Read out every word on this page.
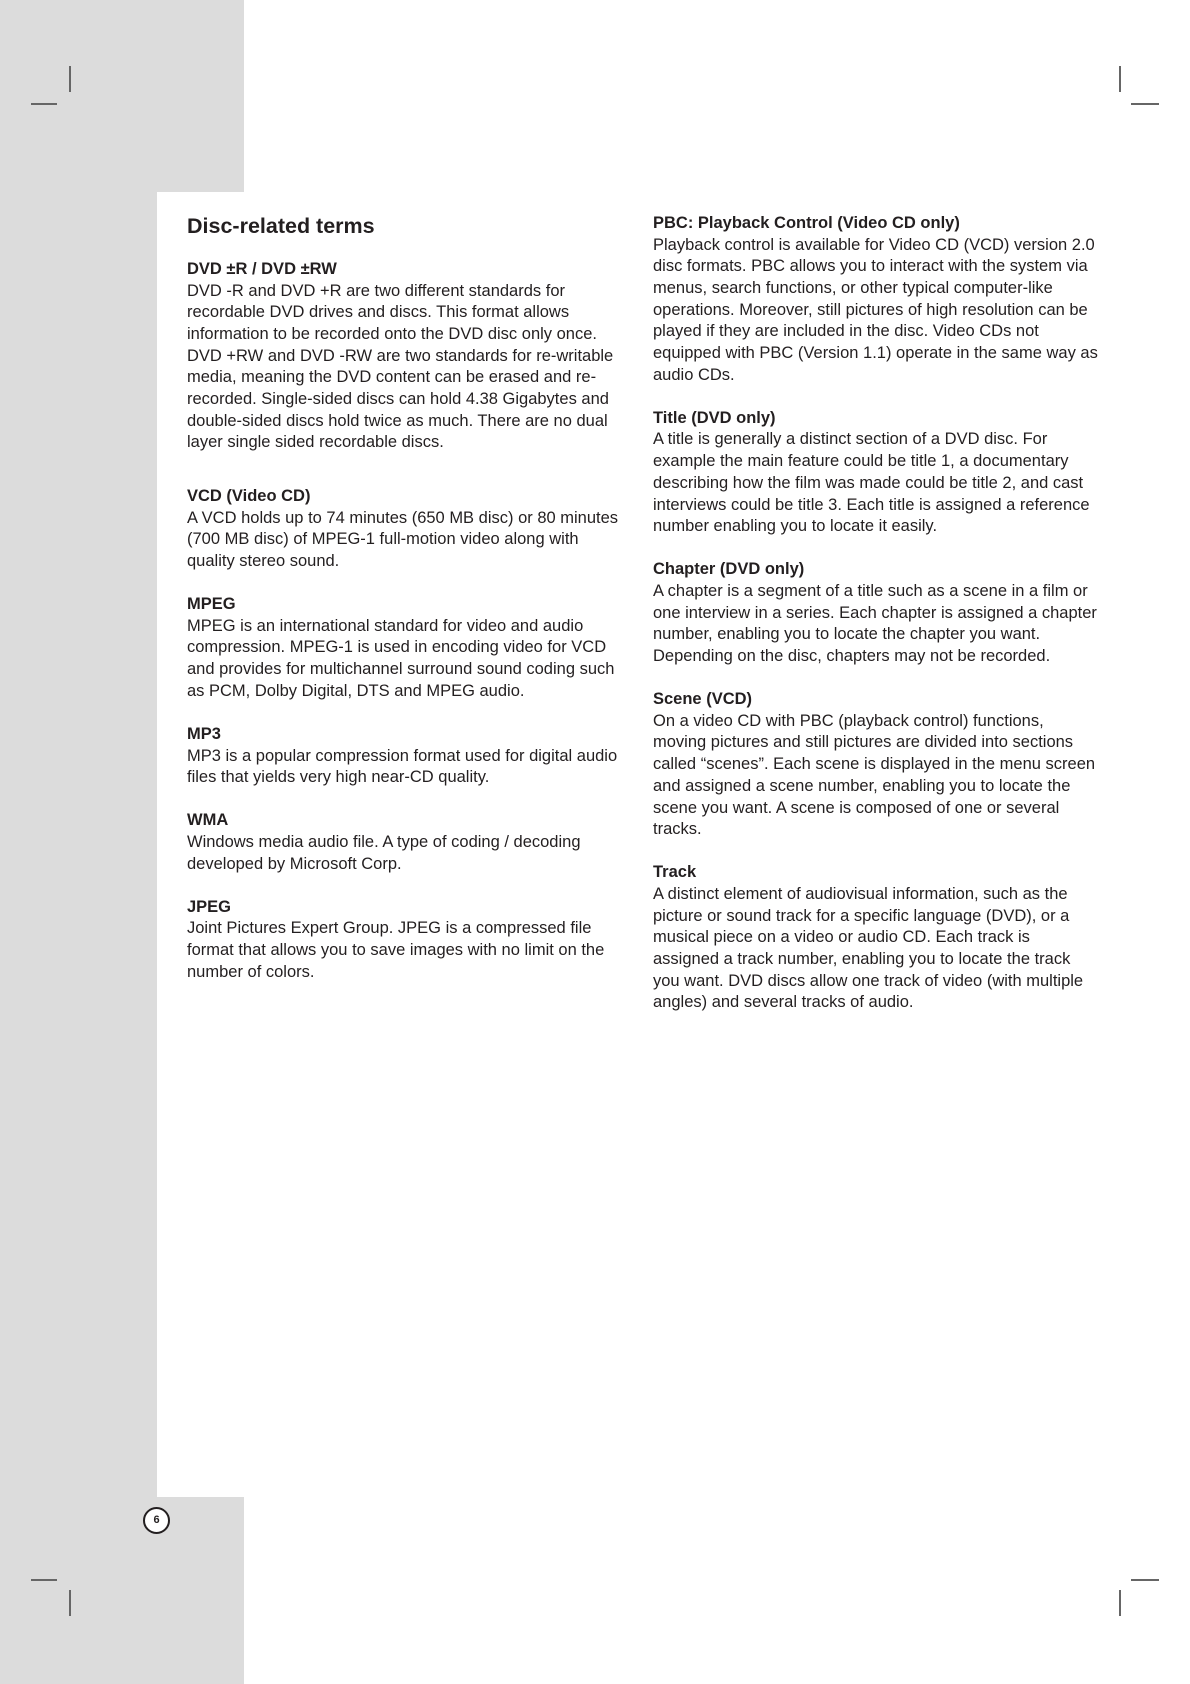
Disc-related terms

DVD ±R / DVD ±RW

DVD -R and DVD +R are two different standards for recordable DVD drives and discs. This format allows information to be recorded onto the DVD disc only once. DVD +RW and DVD -RW are two standards for re-writable media, meaning the DVD content can be erased and re-recorded. Single-sided discs can hold 4.38 Gigabytes and double-sided discs hold twice as much. There are no dual layer single sided recordable discs.

VCD (Video CD)

A VCD holds up to 74 minutes (650 MB disc) or 80 minutes (700 MB disc) of MPEG-1 full-motion video along with quality stereo sound.

MPEG

MPEG is an international standard for video and audio compression. MPEG-1 is used in encoding video for VCD and provides for multichannel surround sound coding such as PCM, Dolby Digital, DTS and MPEG audio.

MP3

MP3 is a popular compression format used for digital audio files that yields very high near-CD quality.

WMA

Windows media audio file. A type of coding / decoding developed by Microsoft Corp.

JPEG

Joint Pictures Expert Group. JPEG is a compressed file format that allows you to save images with no limit on the number of colors.

PBC: Playback Control (Video CD only)

Playback control is available for Video CD (VCD) version 2.0 disc formats. PBC allows you to interact with the system via menus, search functions, or other typical computer-like operations. Moreover, still pictures of high resolution can be played if they are included in the disc. Video CDs not equipped with PBC (Version 1.1) operate in the same way as audio CDs.

Title (DVD only)

A title is generally a distinct section of a DVD disc. For example the main feature could be title 1, a documentary describing how the film was made could be title 2, and cast interviews could be title 3. Each title is assigned a reference number enabling you to locate it easily.

Chapter (DVD only)

A chapter is a segment of a title such as a scene in a film or one interview in a series. Each chapter is assigned a chapter number, enabling you to locate the chapter you want. Depending on the disc, chapters may not be recorded.

Scene (VCD)

On a video CD with PBC (playback control) functions, moving pictures and still pictures are divided into sections called “scenes”. Each scene is displayed in the menu screen and assigned a scene number, enabling you to locate the scene you want. A scene is composed of one or several tracks.

Track

A distinct element of audiovisual information, such as the picture or sound track for a specific language (DVD), or a musical piece on a video or audio CD. Each track is assigned a track number, enabling you to locate the track you want. DVD discs allow one track of video (with multiple angles) and several tracks of audio.

6
